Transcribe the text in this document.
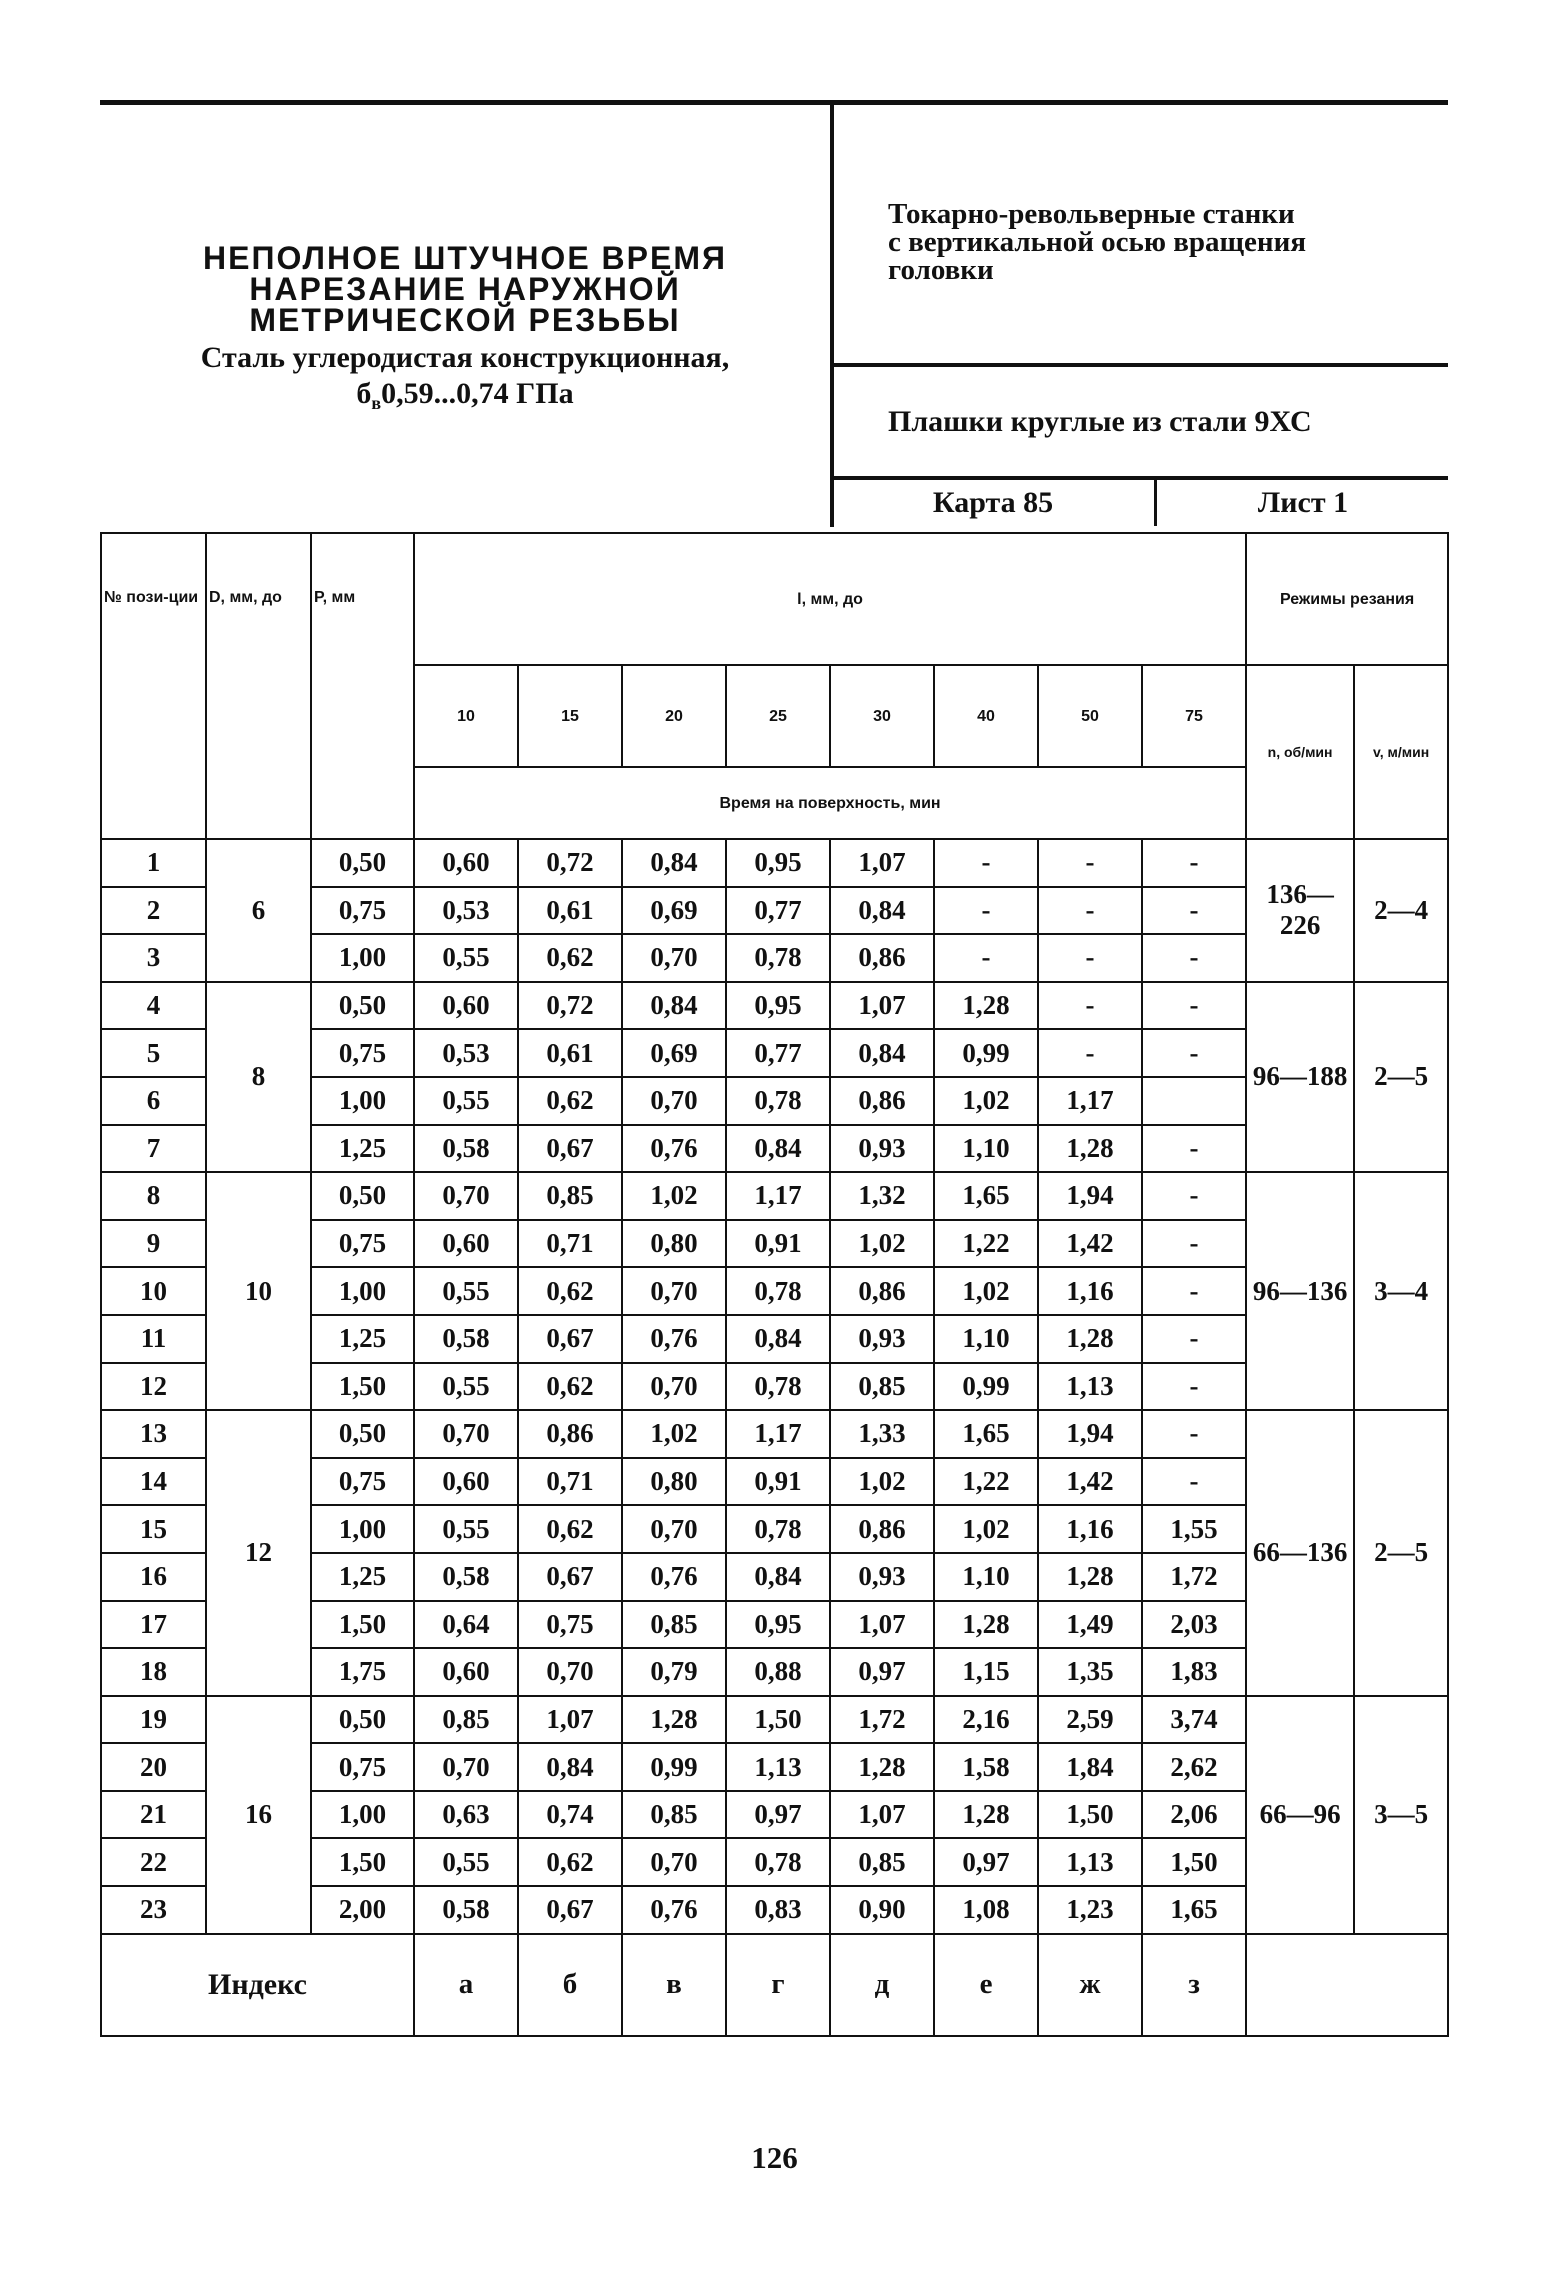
НЕПОЛНОЕ ШТУЧНОЕ ВРЕМЯ
НАРЕЗАНИЕ НАРУЖНОЙ
МЕТРИЧЕСКОЙ РЕЗЬБЫ
Сталь углеродистая конструкционная,
$б_в0,59...0,74$ ГПа
Токарно-револьверные станки
с вертикальной осью вращения
головки
Плашки круглые из стали 9ХС
Карта 85	Лист 1
№ пози-ции	D, мм, до	P, мм	l, мм, до								Режимы резания	
			10	15	20	25	30	40	50	75	n, об/мин	v, м/мин
			Время на поверхность, мин									
1	6	0,50	0,60	0,72	0,84	0,95	1,07	-	-	-	136—226	2—4
2		0,75	0,53	0,61	0,69	0,77	0,84	-	-	-		
3		1,00	0,55	0,62	0,70	0,78	0,86	-	-	-		
4	8	0,50	0,60	0,72	0,84	0,95	1,07	1,28	-	-	96—188	2—5
5		0,75	0,53	0,61	0,69	0,77	0,84	0,99	-	-		
6		1,00	0,55	0,62	0,70	0,78	0,86	1,02	1,17			
7		1,25	0,58	0,67	0,76	0,84	0,93	1,10	1,28	-		
8	10	0,50	0,70	0,85	1,02	1,17	1,32	1,65	1,94	-	96—136	3—4
9		0,75	0,60	0,71	0,80	0,91	1,02	1,22	1,42	-		
10		1,00	0,55	0,62	0,70	0,78	0,86	1,02	1,16	-		
11		1,25	0,58	0,67	0,76	0,84	0,93	1,10	1,28	-		
12		1,50	0,55	0,62	0,70	0,78	0,85	0,99	1,13	-		
13	12	0,50	0,70	0,86	1,02	1,17	1,33	1,65	1,94	-	66—136	2—5
14		0,75	0,60	0,71	0,80	0,91	1,02	1,22	1,42	-		
15		1,00	0,55	0,62	0,70	0,78	0,86	1,02	1,16	1,55		
16		1,25	0,58	0,67	0,76	0,84	0,93	1,10	1,28	1,72		
17		1,50	0,64	0,75	0,85	0,95	1,07	1,28	1,49	2,03		
18		1,75	0,60	0,70	0,79	0,88	0,97	1,15	1,35	1,83		
19	16	0,50	0,85	1,07	1,28	1,50	1,72	2,16	2,59	3,74	66—96	3—5
20		0,75	0,70	0,84	0,99	1,13	1,28	1,58	1,84	2,62		
21		1,00	0,63	0,74	0,85	0,97	1,07	1,28	1,50	2,06		
22		1,50	0,55	0,62	0,70	0,78	0,85	0,97	1,13	1,50		
23		2,00	0,58	0,67	0,76	0,83	0,90	1,08	1,23	1,65		
Индекс			а	б	в	г	д	е	ж	з		
126
